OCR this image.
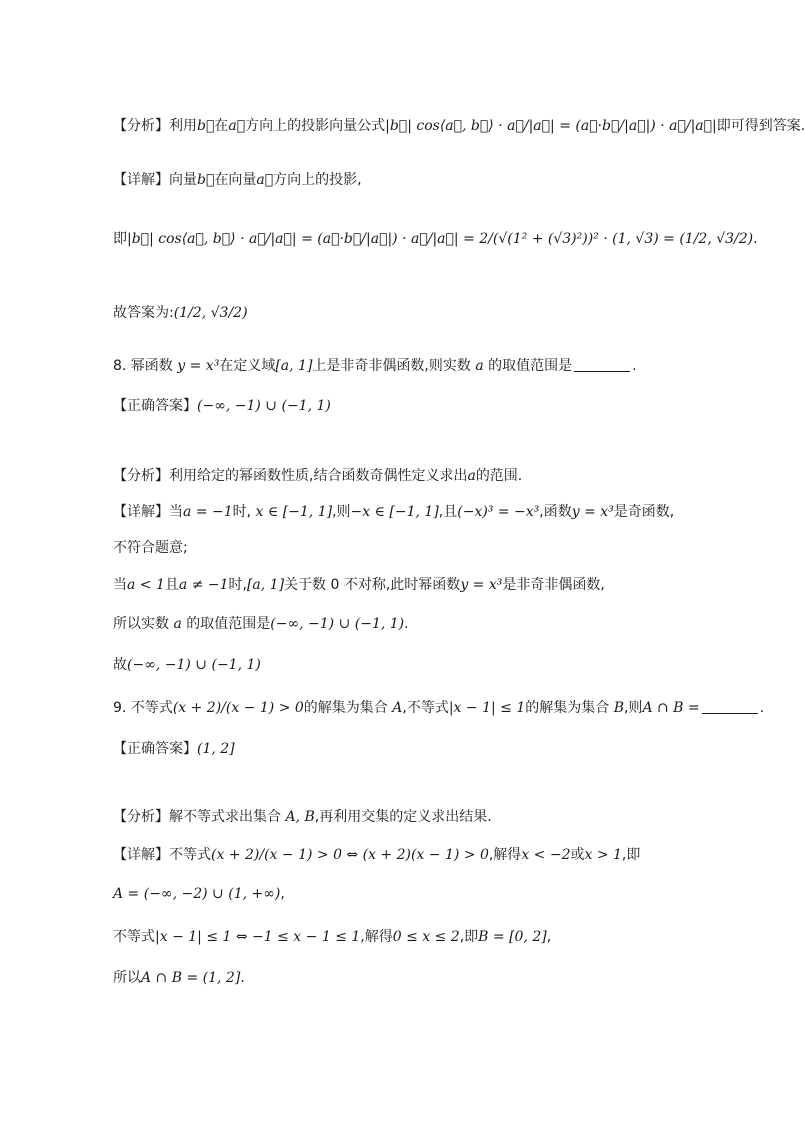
【分析】利用b⃗在a⃗方向上的投影向量公式|b⃗| cos⟨a⃗, b⃗⟩ · a⃗/|a⃗| = (a⃗·b⃗/|a⃗|) · a⃗/|a⃗|即可得到答案.
【详解】向量b⃗在向量a⃗方向上的投影,
即|b⃗| cos⟨a⃗, b⃗⟩ · a⃗/|a⃗| = (a⃗·b⃗/|a⃗|) · a⃗/|a⃗| = 2/(√(1² + (√3)²))² · (1, √3) = (1/2, √3/2).
故答案为:(1/2, √3/2)
8. 幂函数 y = x³在定义域[a, 1]上是非奇非偶函数,则实数 a 的取值范围是	.
【正确答案】(−∞, −1) ∪ (−1, 1)
【分析】利用给定的幂函数性质,结合函数奇偶性定义求出a的范围.
【详解】当a = −1时, x ∈ [−1, 1],则−x ∈ [−1, 1],且(−x)³ = −x³,函数y = x³是奇函数,
不符合题意;
当a < 1且a ≠ −1时,[a, 1]关于数 0 不对称,此时幂函数y = x³是非奇非偶函数,
所以实数 a 的取值范围是(−∞, −1) ∪ (−1, 1).
故(−∞, −1) ∪ (−1, 1)
9. 不等式(x + 2)/(x − 1) > 0的解集为集合 A,不等式|x − 1| ≤ 1的解集为集合 B,则A ∩ B =	.
【正确答案】(1, 2]
【分析】解不等式求出集合 A, B,再利用交集的定义求出结果.
【详解】不等式(x + 2)/(x − 1) > 0 ⇔ (x + 2)(x − 1) > 0,解得x < −2或x > 1,即
A = (−∞, −2) ∪ (1, +∞),
不等式|x − 1| ≤ 1 ⇔ −1 ≤ x − 1 ≤ 1,解得0 ≤ x ≤ 2,即B = [0, 2],
所以A ∩ B = (1, 2].
